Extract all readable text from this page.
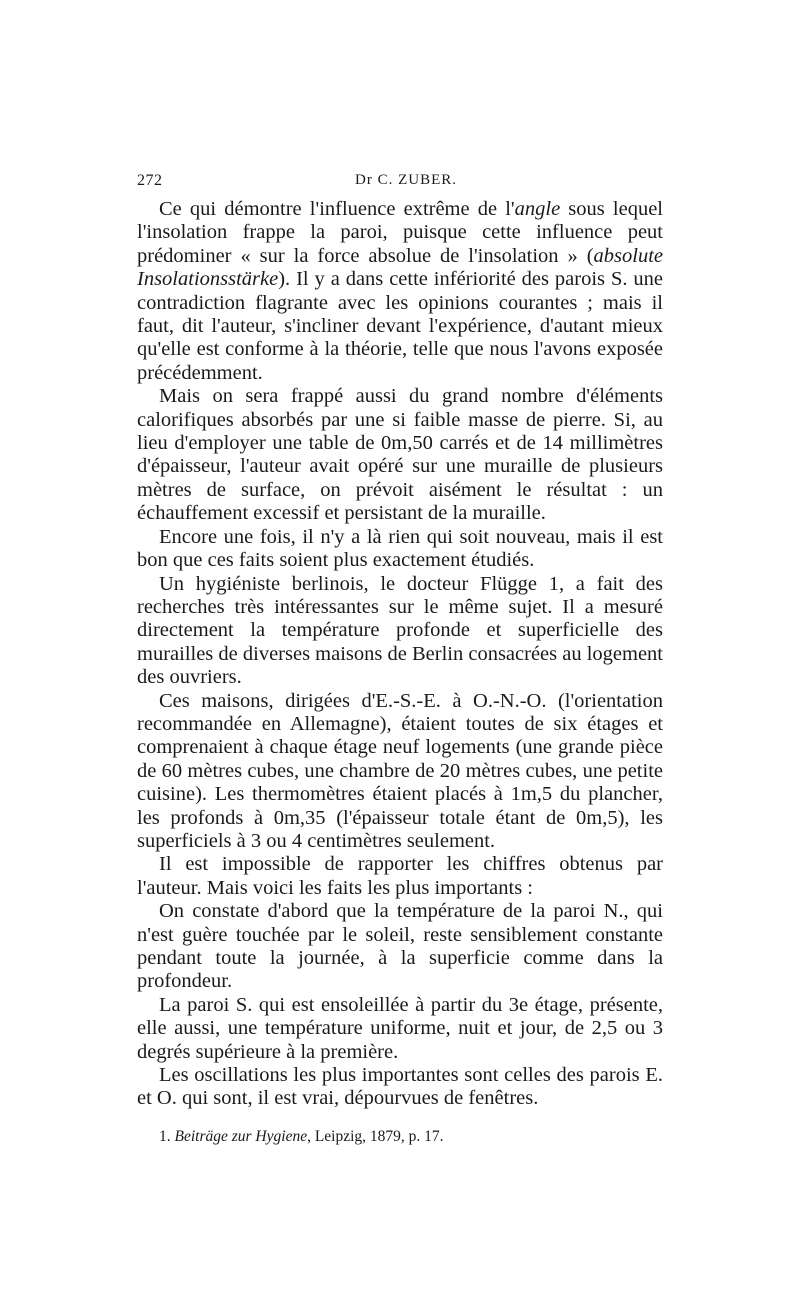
272	Dr C. ZUBER.

Ce qui démontre l'influence extrême de l'angle sous lequel l'insolation frappe la paroi, puisque cette influence peut prédominer « sur la force absolue de l'insolation » (absolute Insolationsstärke). Il y a dans cette infériorité des parois S. une contradiction flagrante avec les opinions courantes ; mais il faut, dit l'auteur, s'incliner devant l'expérience, d'autant mieux qu'elle est conforme à la théorie, telle que nous l'avons exposée précédemment.

Mais on sera frappé aussi du grand nombre d'éléments calorifiques absorbés par une si faible masse de pierre. Si, au lieu d'employer une table de 0m,50 carrés et de 14 millimètres d'épaisseur, l'auteur avait opéré sur une muraille de plusieurs mètres de surface, on prévoit aisément le résultat : un échauffement excessif et persistant de la muraille.

Encore une fois, il n'y a là rien qui soit nouveau, mais il est bon que ces faits soient plus exactement étudiés.

Un hygiéniste berlinois, le docteur Flügge 1, a fait des recherches très intéressantes sur le même sujet. Il a mesuré directement la température profonde et superficielle des murailles de diverses maisons de Berlin consacrées au logement des ouvriers.

Ces maisons, dirigées d'E.-S.-E. à O.-N.-O. (l'orientation recommandée en Allemagne), étaient toutes de six étages et comprenaient à chaque étage neuf logements (une grande pièce de 60 mètres cubes, une chambre de 20 mètres cubes, une petite cuisine). Les thermomètres étaient placés à 1m,5 du plancher, les profonds à 0m,35 (l'épaisseur totale étant de 0m,5), les superficiels à 3 ou 4 centimètres seulement.

Il est impossible de rapporter les chiffres obtenus par l'auteur. Mais voici les faits les plus importants :

On constate d'abord que la température de la paroi N., qui n'est guère touchée par le soleil, reste sensiblement constante pendant toute la journée, à la superficie comme dans la profondeur.

La paroi S. qui est ensoleillée à partir du 3e étage, présente, elle aussi, une température uniforme, nuit et jour, de 2,5 ou 3 degrés supérieure à la première.

Les oscillations les plus importantes sont celles des parois E. et O. qui sont, il est vrai, dépourvues de fenêtres.

1. Beiträge zur Hygiene, Leipzig, 1879, p. 17.
